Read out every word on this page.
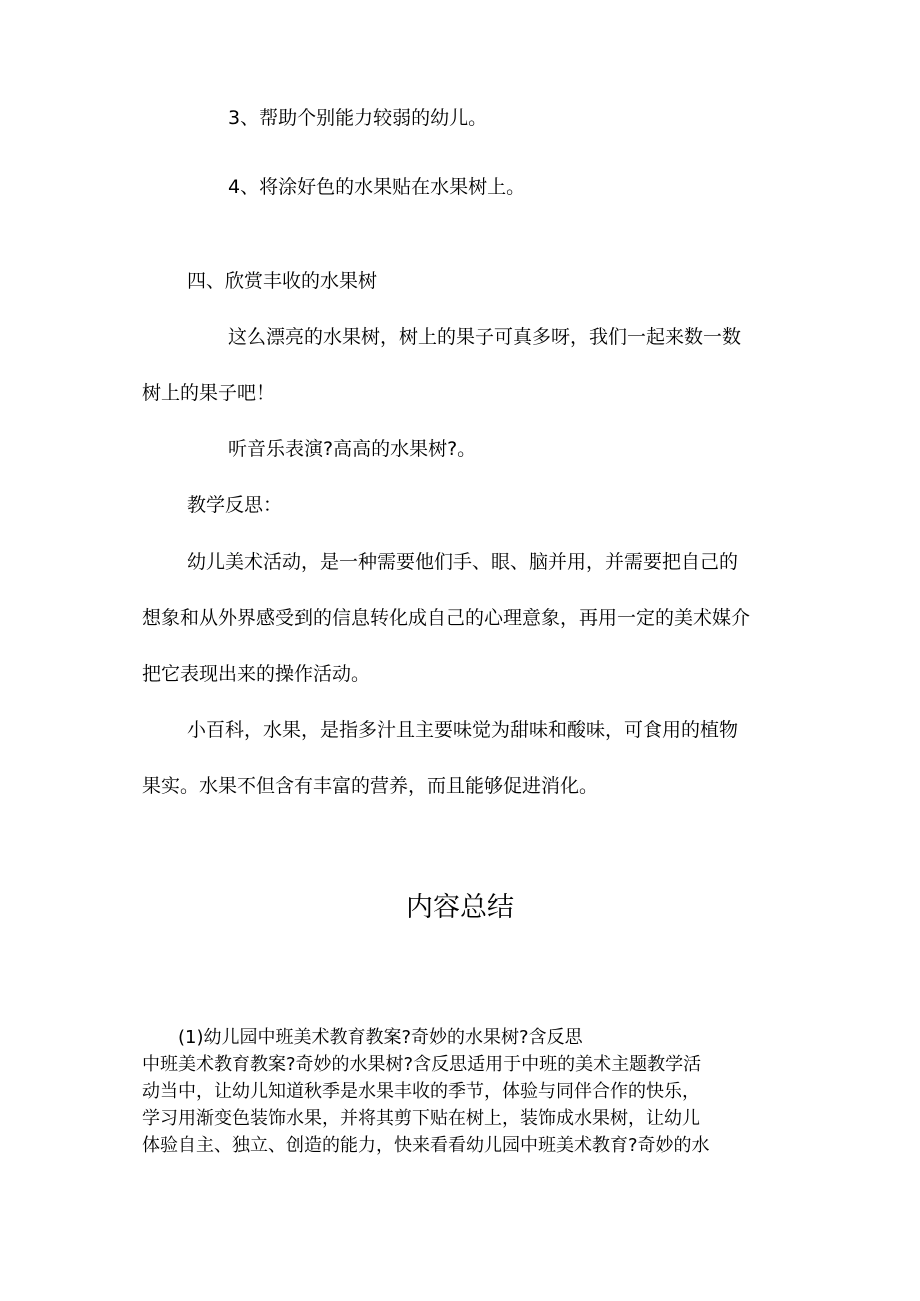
3、帮助个别能力较弱的幼儿。
4、将涂好色的水果贴在水果树上。
四、欣赏丰收的水果树
这么漂亮的水果树，树上的果子可真多呀，我们一起来数一数
树上的果子吧！
听音乐表演?高高的水果树?。
教学反思：
幼儿美术活动，是一种需要他们手、眼、脑并用，并需要把自己的
想象和从外界感受到的信息转化成自己的心理意象，再用一定的美术媒介
把它表现出来的操作活动。
小百科，水果，是指多汁且主要味觉为甜味和酸味，可食用的植物
果实。水果不但含有丰富的营养，而且能够促进消化。
内容总结
(1)幼儿园中班美术教育教案?奇妙的水果树?含反思
中班美术教育教案?奇妙的水果树?含反思适用于中班的美术主题教学活
动当中，让幼儿知道秋季是水果丰收的季节，体验与同伴合作的快乐，
学习用渐变色装饰水果，并将其剪下贴在树上，装饰成水果树，让幼儿
体验自主、独立、创造的能力，快来看看幼儿园中班美术教育?奇妙的水
